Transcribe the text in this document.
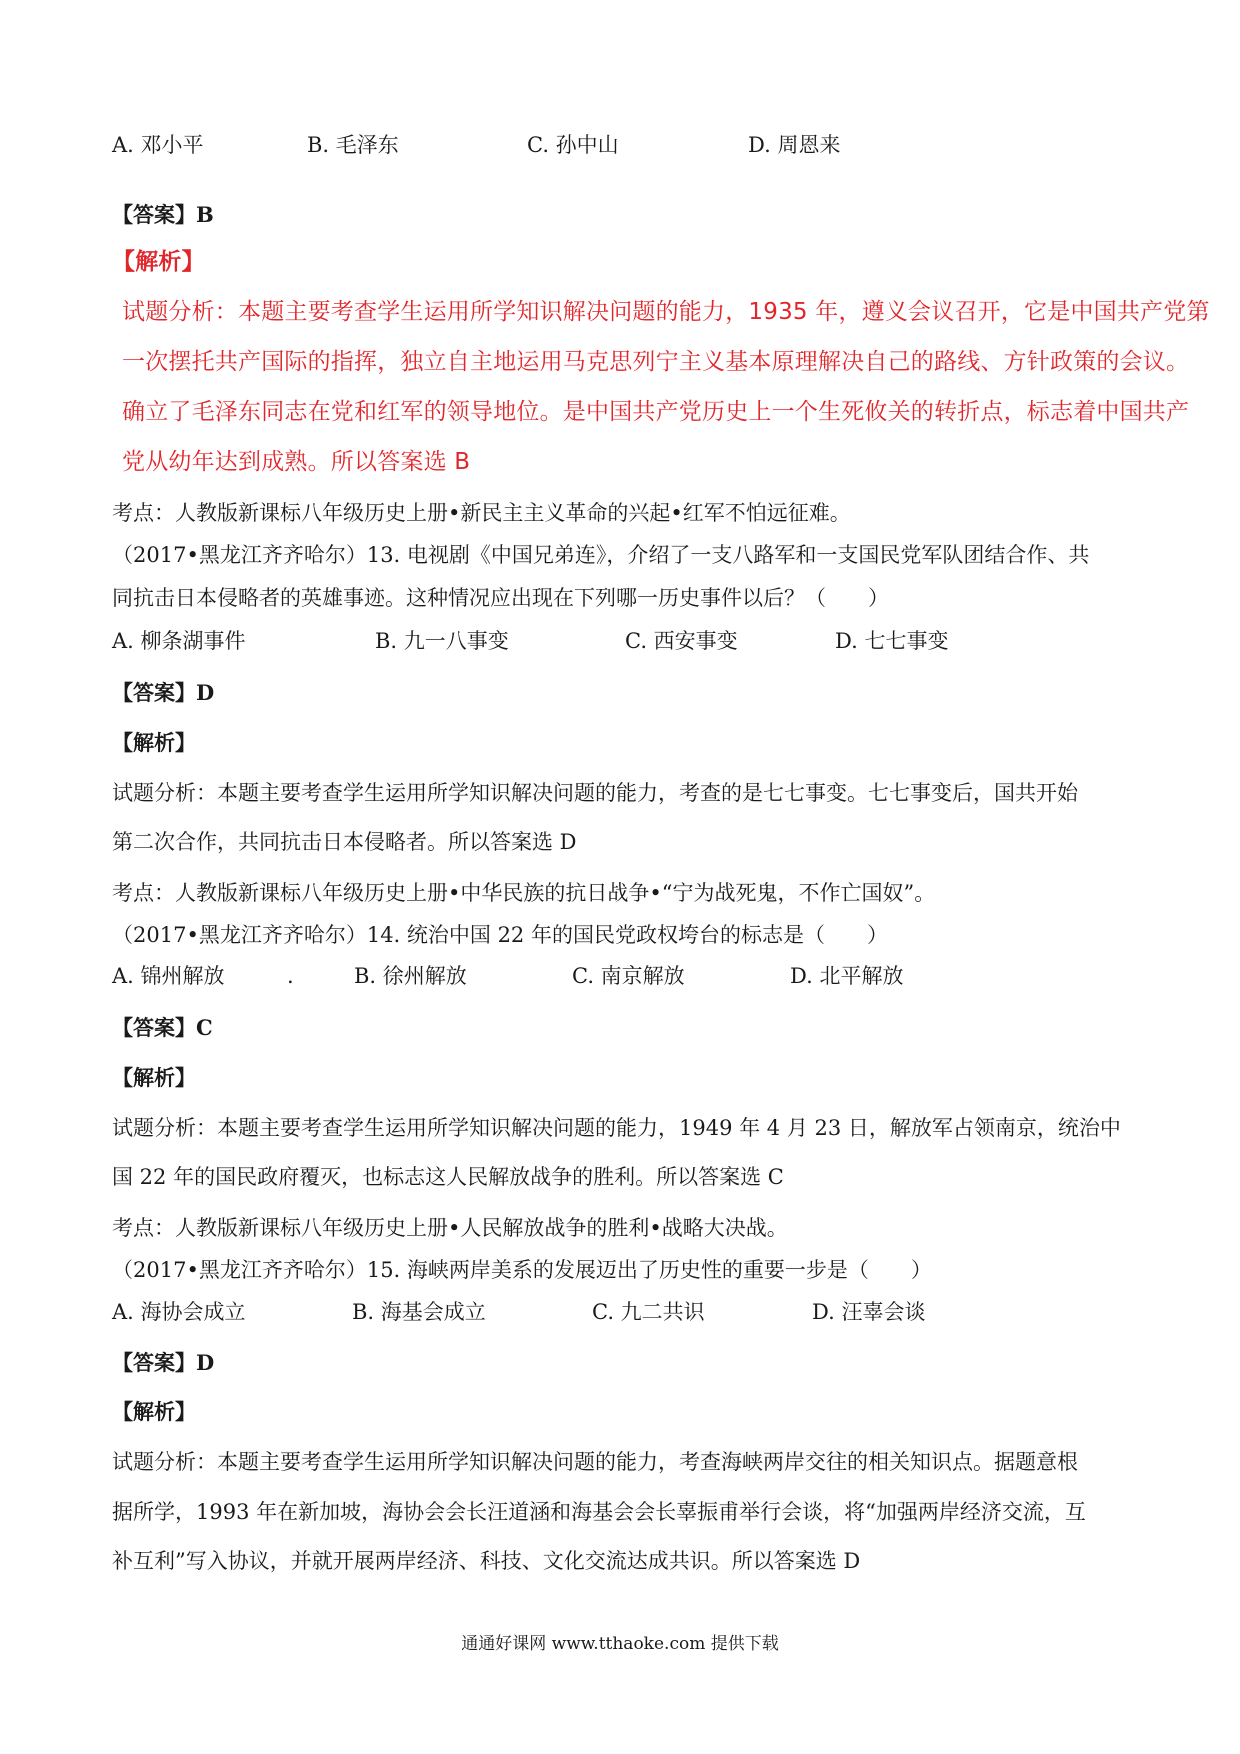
A. 邓小平	B. 毛泽东	C. 孙中山	D. 周恩来
【答案】B
【解析】
试题分析：本题主要考查学生运用所学知识解决问题的能力，1935 年，遵义会议召开，它是中国共产党第
一次摆托共产国际的指挥，独立自主地运用马克思列宁主义基本原理解决自己的路线、方针政策的会议。
确立了毛泽东同志在党和红军的领导地位。是中国共产党历史上一个生死攸关的转折点，标志着中国共产
党从幼年达到成熟。所以答案选 B
考点：人教版新课标八年级历史上册•新民主主义革命的兴起•红军不怕远征难。
（2017•黑龙江齐齐哈尔）13. 电视剧《中国兄弟连》，介绍了一支八路军和一支国民党军队团结合作、共
同抗击日本侵略者的英雄事迹。这种情况应出现在下列哪一历史事件以后？（　　）
A. 柳条湖事件	B. 九一八事变	C. 西安事变	D. 七七事变
【答案】D
【解析】
试题分析：本题主要考查学生运用所学知识解决问题的能力，考查的是七七事变。七七事变后，国共开始
第二次合作，共同抗击日本侵略者。所以答案选 D
考点：人教版新课标八年级历史上册•中华民族的抗日战争•“宁为战死鬼，不作亡国奴”。
（2017•黑龙江齐齐哈尔）14. 统治中国 22 年的国民党政权垮台的标志是（　　）
A. 锦州解放	.	B. 徐州解放	C. 南京解放	D. 北平解放
【答案】C
【解析】
试题分析：本题主要考查学生运用所学知识解决问题的能力，1949 年 4 月 23 日，解放军占领南京，统治中
国 22 年的国民政府覆灭，也标志这人民解放战争的胜利。所以答案选 C
考点：人教版新课标八年级历史上册•人民解放战争的胜利•战略大决战。
（2017•黑龙江齐齐哈尔）15. 海峡两岸美系的发展迈出了历史性的重要一步是（　　）
A. 海协会成立	B. 海基会成立	C. 九二共识	D. 汪辜会谈
【答案】D
【解析】
试题分析：本题主要考查学生运用所学知识解决问题的能力，考查海峡两岸交往的相关知识点。据题意根
据所学，1993 年在新加坡，海协会会长汪道涵和海基会会长辜振甫举行会谈，将“加强两岸经济交流，互
补互利”写入协议，并就开展两岸经济、科技、文化交流达成共识。所以答案选 D
通通好课网 www.tthaoke.com 提供下载
